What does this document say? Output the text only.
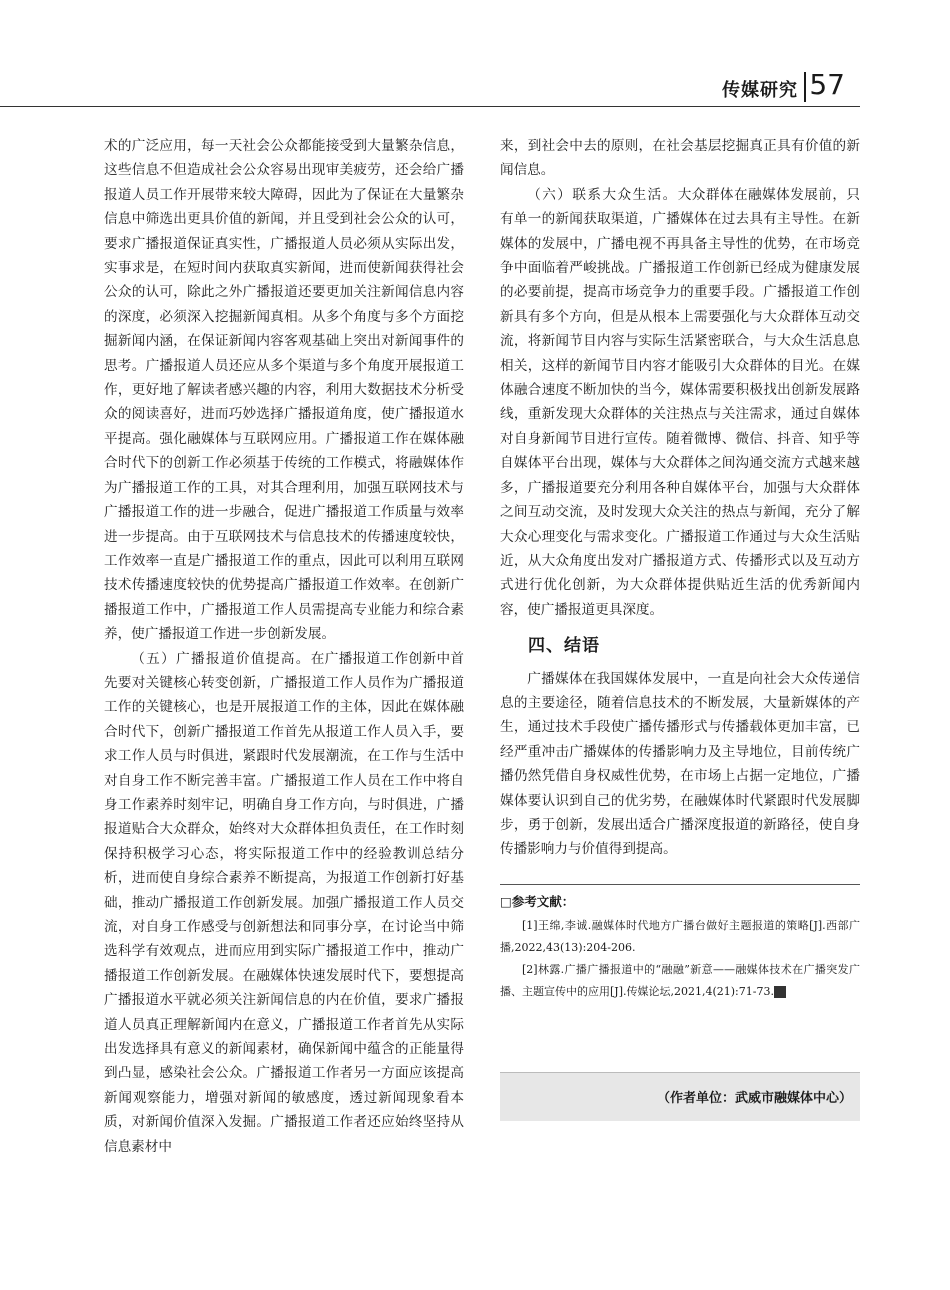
传媒研究 57

术的广泛应用，每一天社会公众都能接受到大量繁杂信息，这些信息不但造成社会公众容易出现审美疲劳，还会给广播报道人员工作开展带来较大障碍，因此为了保证在大量繁杂信息中筛选出更具价值的新闻，并且受到社会公众的认可，要求广播报道保证真实性，广播报道人员必须从实际出发，实事求是，在短时间内获取真实新闻，进而使新闻获得社会公众的认可，除此之外广播报道还要更加关注新闻信息内容的深度，必须深入挖掘新闻真相。从多个角度与多个方面挖掘新闻内涵，在保证新闻内容客观基础上突出对新闻事件的思考。广播报道人员还应从多个渠道与多个角度开展报道工作，更好地了解读者感兴趣的内容，利用大数据技术分析受众的阅读喜好，进而巧妙选择广播报道角度，使广播报道水平提高。强化融媒体与互联网应用。广播报道工作在媒体融合时代下的创新工作必须基于传统的工作模式，将融媒体作为广播报道工作的工具，对其合理利用，加强互联网技术与广播报道工作的进一步融合，促进广播报道工作质量与效率进一步提高。由于互联网技术与信息技术的传播速度较快，工作效率一直是广播报道工作的重点，因此可以利用互联网技术传播速度较快的优势提高广播报道工作效率。在创新广播报道工作中，广播报道工作人员需提高专业能力和综合素养，使广播报道工作进一步创新发展。

（五）广播报道价值提高。在广播报道工作创新中首先要对关键核心转变创新，广播报道工作人员作为广播报道工作的关键核心，也是开展报道工作的主体，因此在媒体融合时代下，创新广播报道工作首先从报道工作人员入手，要求工作人员与时俱进，紧跟时代发展潮流，在工作与生活中对自身工作不断完善丰富。广播报道工作人员在工作中将自身工作素养时刻牢记，明确自身工作方向，与时俱进，广播报道贴合大众群众，始终对大众群体担负责任，在工作时刻保持积极学习心态，将实际报道工作中的经验教训总结分析，进而使自身综合素养不断提高，为报道工作创新打好基础，推动广播报道工作创新发展。加强广播报道工作人员交流，对自身工作感受与创新想法和同事分享，在讨论当中筛选科学有效观点，进而应用到实际广播报道工作中，推动广播报道工作创新发展。在融媒体快速发展时代下，要想提高广播报道水平就必须关注新闻信息的内在价值，要求广播报道人员真正理解新闻内在意义，广播报道工作者首先从实际出发选择具有意义的新闻素材，确保新闻中蕴含的正能量得到凸显，感染社会公众。广播报道工作者另一方面应该提高新闻观察能力，增强对新闻的敏感度，透过新闻现象看本质，对新闻价值深入发掘。广播报道工作者还应始终坚持从信息素材中

来，到社会中去的原则，在社会基层挖掘真正具有价值的新闻信息。

（六）联系大众生活。大众群体在融媒体发展前，只有单一的新闻获取渠道，广播媒体在过去具有主导性。在新媒体的发展中，广播电视不再具备主导性的优势，在市场竞争中面临着严峻挑战。广播报道工作创新已经成为健康发展的必要前提，提高市场竞争力的重要手段。广播报道工作创新具有多个方向，但是从根本上需要强化与大众群体互动交流，将新闻节目内容与实际生活紧密联合，与大众生活息息相关，这样的新闻节目内容才能吸引大众群体的目光。在媒体融合速度不断加快的当今，媒体需要积极找出创新发展路线，重新发现大众群体的关注热点与关注需求，通过自媒体对自身新闻节目进行宣传。随着微博、微信、抖音、知乎等自媒体平台出现，媒体与大众群体之间沟通交流方式越来越多，广播报道要充分利用各种自媒体平台，加强与大众群体之间互动交流，及时发现大众关注的热点与新闻，充分了解大众心理变化与需求变化。广播报道工作通过与大众生活贴近，从大众角度出发对广播报道方式、传播形式以及互动方式进行优化创新，为大众群体提供贴近生活的优秀新闻内容，使广播报道更具深度。

四、结语

广播媒体在我国媒体发展中，一直是向社会大众传递信息的主要途径，随着信息技术的不断发展，大量新媒体的产生，通过技术手段使广播传播形式与传播载体更加丰富，已经严重冲击广播媒体的传播影响力及主导地位，目前传统广播仍然凭借自身权威性优势，在市场上占据一定地位，广播媒体要认识到自己的优劣势，在融媒体时代紧跟时代发展脚步，勇于创新，发展出适合广播深度报道的新路径，使自身传播影响力与价值得到提高。

□参考文献：

[1]王绵,李诚.融媒体时代地方广播台做好主题报道的策略[J].西部广播,2022,43(13):204-206.

[2]林露.广播广播报道中的“融融”新意——融媒体技术在广播突发广播、主题宣传中的应用[J].传媒论坛,2021,4(21):71-73. C

（作者单位：武威市融媒体中心）
